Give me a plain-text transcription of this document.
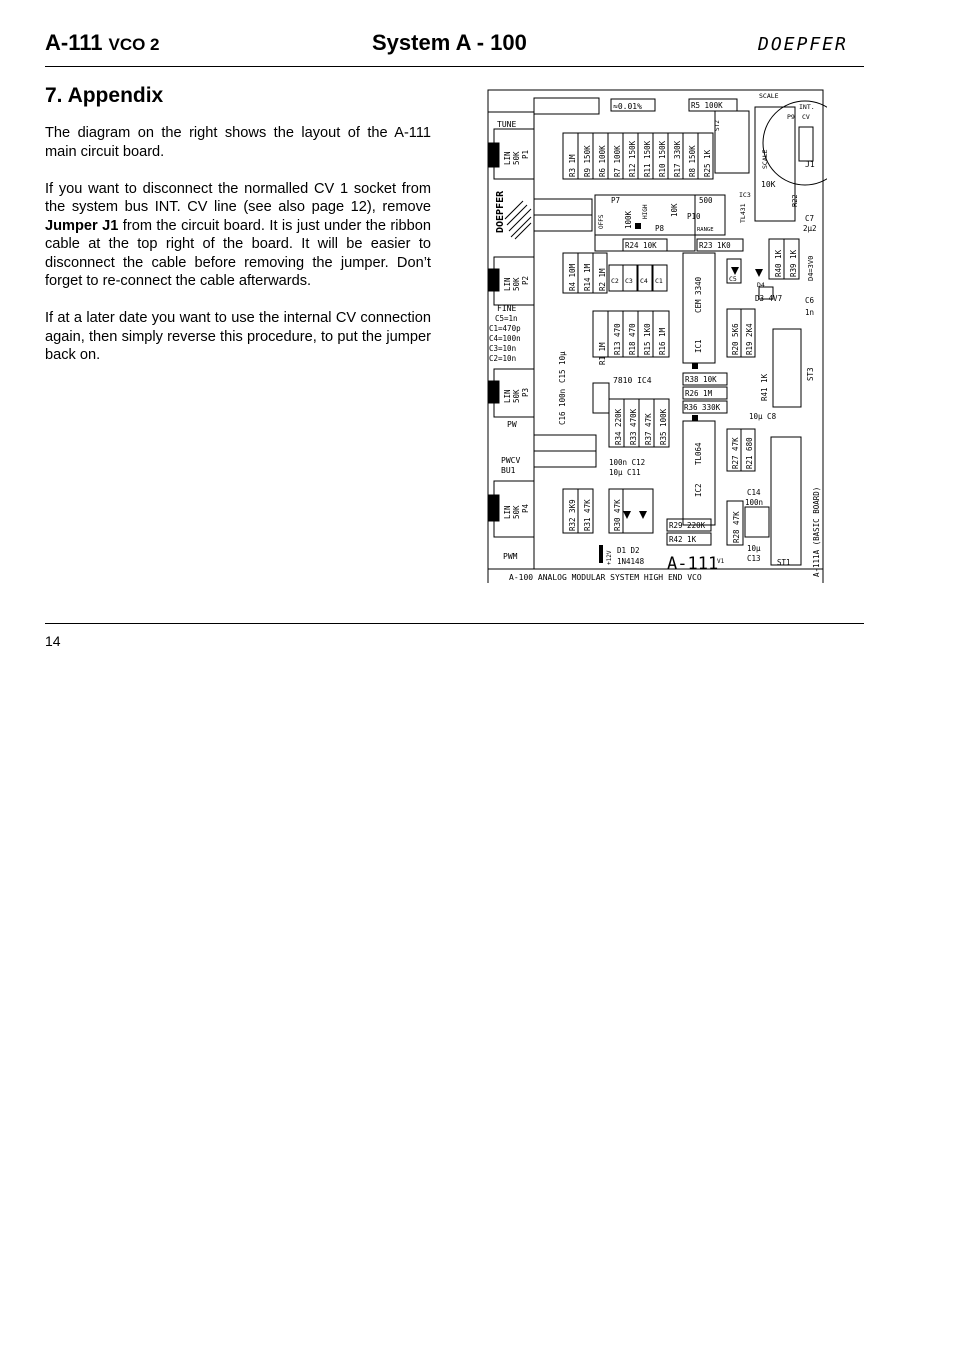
A-111 VCO 2	System A - 100	DOEPFER
7. Appendix

The diagram on the right shows the layout of the A-111 main circuit board.

If you want to disconnect the normalled CV 1 socket from the system bus INT. CV line (see also page 12), remove Jumper J1 from the circuit board. It is just under the ribbon cable at the top right of the board. It will be easier to disconnect the cable before removing the jumper. Don’t forget to re-connect the cable afterwards.

If at a later date you want to use the internal CV connection again, then simply reverse this procedure, to put the jumper back on.

TUNE
FINE
PW
PWCV
BU1
PWM
C5=1n
C1=470p
C4=100n
C3=10n
C2=10n
≈0.01%	R5 100K
SCALE
INT.
CV
P9
J1
IC3
10K
P7
P8
500
P10
RANGE
C7
2µ2
R24 10K	R23 1K0
C2 C3 C4 C1	C5
D4
D3 4V7	C6
1n
7810 IC4	R38 10K
R26 1M
R36 330K
10µ C8
100n C12
10µ C11
C14
100n
R29 220K
R42 1K
10µ
C13 ST1
D1 D2
1N4148 A-111
V1
A-100 ANALOG MODULAR SYSTEM HIGH END VCO
P1
50K
LIN
P2
50K
LIN
P3
50K
LIN
P4
50K
LIN
DOEPFER
R3 1M R9 150K R6 100K R7 100K R12 150K R11 150K R10 150K R17 330K R8 150K R25 1K
ST2
SCALE
R22
100K HIGH
OFFS
10K	TL431
R4 10M R14 1M R2 1M	CEM 3340
IC1
R40 1K R39 1K D4=3V0
R1 1M R13 470 R18 470 R15 1K0 R16 1M	R20 5K6 R19 2K4
ST3
C15 10µ
C16 100n
R41 1K
R34 220K R33 470K R37 47K R35 100K
TL064
IC2
R27 47K R21 680
R32 3K9 R31 47K	R30 47K	R28 47K
+12V	A-111A (BASIC BOARD)
14
